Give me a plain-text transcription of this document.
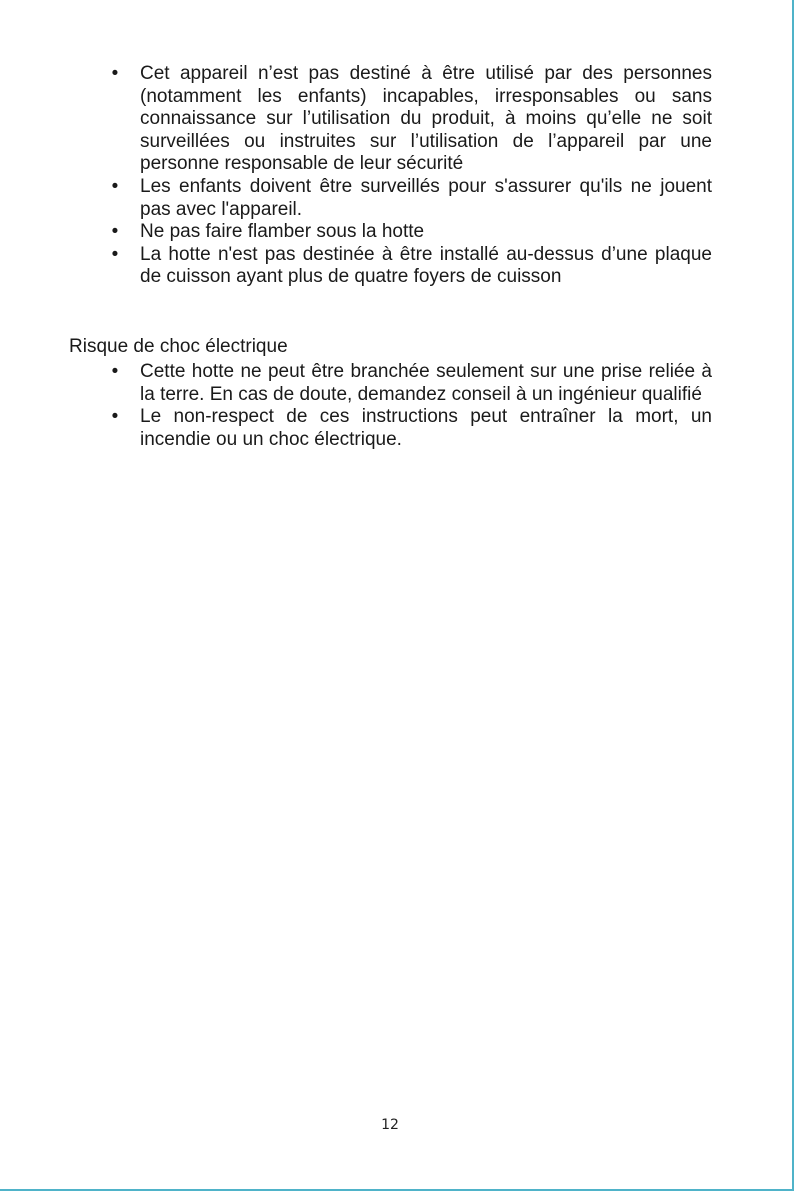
•	Cet appareil n’est pas destiné à être utilisé par des personnes (notamment les enfants) incapables, irresponsables ou sans connaissance sur l’utilisation du produit, à moins qu’elle ne soit surveillées ou instruites sur l’utilisation de l’appareil par une personne responsable de leur sécurité
•	Les enfants doivent être surveillés pour s'assurer qu'ils ne jouent pas avec l'appareil.
•	Ne pas faire flamber sous la hotte
•	La hotte n'est pas destinée à être installé au-dessus d’une plaque de cuisson ayant plus de quatre foyers de cuisson
Risque de choc électrique
•	Cette hotte ne peut être branchée seulement sur une prise reliée à la terre. En cas de doute, demandez conseil à un ingénieur qualifié
•	Le non-respect de ces instructions peut entraîner la mort, un incendie ou un choc électrique.
12
